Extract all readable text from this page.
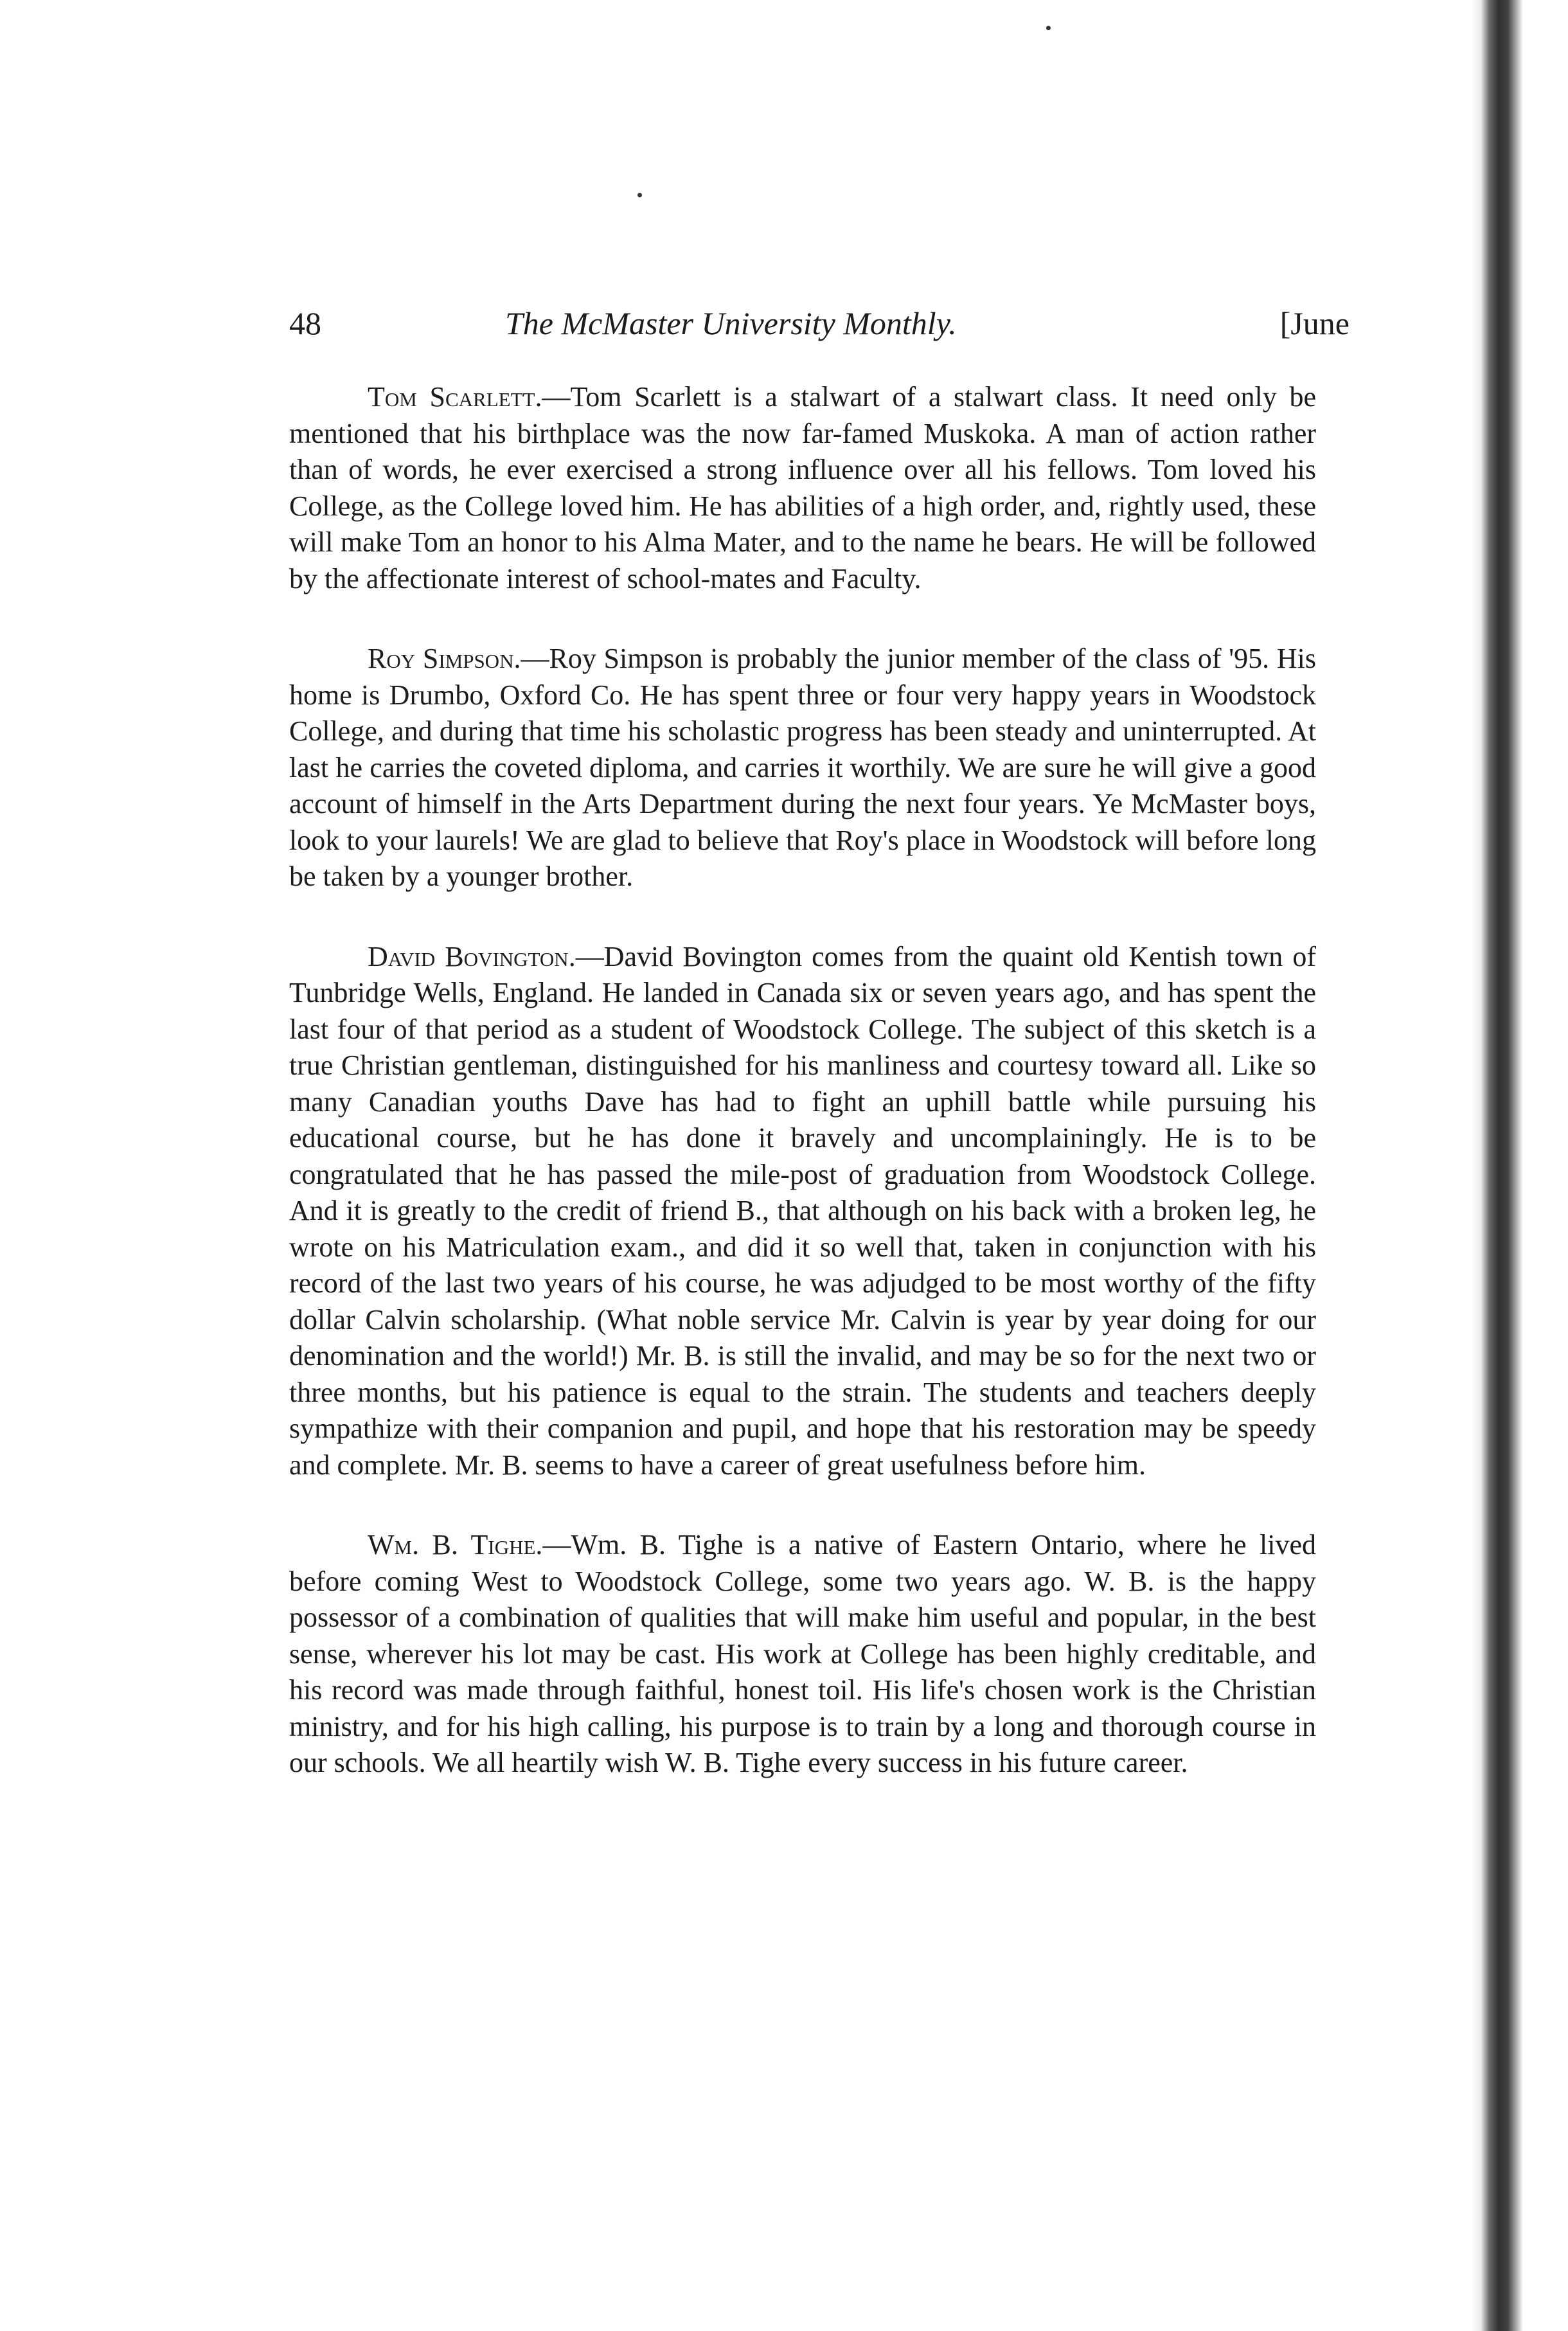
48	The McMaster University Monthly.	[June

Tom Scarlett.—Tom Scarlett is a stalwart of a stalwart class. It need only be mentioned that his birthplace was the now far-famed Muskoka. A man of action rather than of words, he ever exercised a strong influence over all his fellows. Tom loved his College, as the College loved him. He has abilities of a high order, and, rightly used, these will make Tom an honor to his Alma Mater, and to the name he bears. He will be followed by the affectionate interest of school-mates and Faculty.

Roy Simpson.—Roy Simpson is probably the junior member of the class of '95. His home is Drumbo, Oxford Co. He has spent three or four very happy years in Woodstock College, and during that time his scholastic progress has been steady and uninterrupted. At last he carries the coveted diploma, and carries it worthily. We are sure he will give a good account of himself in the Arts Department during the next four years. Ye McMaster boys, look to your laurels! We are glad to believe that Roy's place in Woodstock will before long be taken by a younger brother.

David Bovington.—David Bovington comes from the quaint old Kentish town of Tunbridge Wells, England. He landed in Canada six or seven years ago, and has spent the last four of that period as a student of Woodstock College. The subject of this sketch is a true Christian gentleman, distinguished for his manliness and courtesy toward all. Like so many Canadian youths Dave has had to fight an uphill battle while pursuing his educational course, but he has done it bravely and uncomplainingly. He is to be congratulated that he has passed the mile-post of graduation from Woodstock College. And it is greatly to the credit of friend B., that although on his back with a broken leg, he wrote on his Matriculation exam., and did it so well that, taken in conjunction with his record of the last two years of his course, he was adjudged to be most worthy of the fifty dollar Calvin scholarship. (What noble service Mr. Calvin is year by year doing for our denomination and the world!) Mr. B. is still the invalid, and may be so for the next two or three months, but his patience is equal to the strain. The students and teachers deeply sympathize with their companion and pupil, and hope that his restoration may be speedy and complete. Mr. B. seems to have a career of great usefulness before him.

Wm. B. Tighe.—Wm. B. Tighe is a native of Eastern Ontario, where he lived before coming West to Woodstock College, some two years ago. W. B. is the happy possessor of a combination of qualities that will make him useful and popular, in the best sense, wherever his lot may be cast. His work at College has been highly creditable, and his record was made through faithful, honest toil. His life's chosen work is the Christian ministry, and for his high calling, his purpose is to train by a long and thorough course in our schools. We all heartily wish W. B. Tighe every success in his future career.
